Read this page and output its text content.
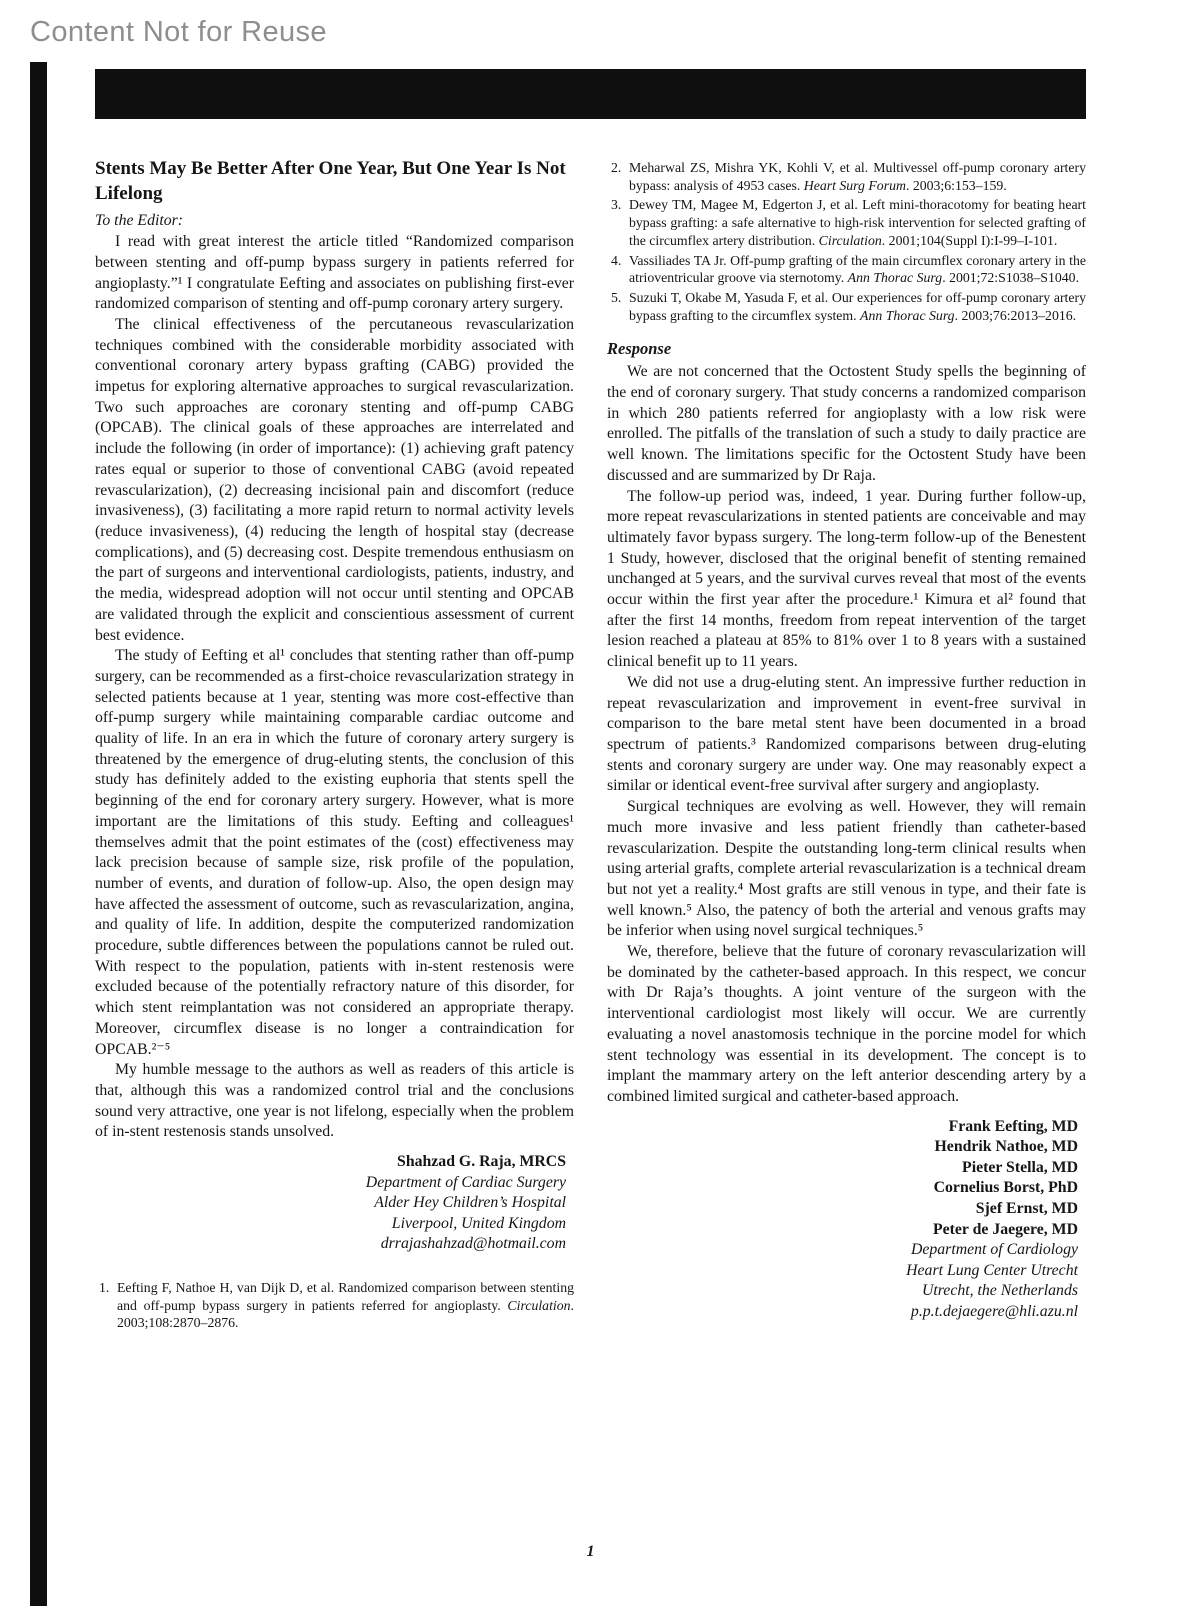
Content Not for Reuse
Stents May Be Better After One Year, But One Year Is Not Lifelong

To the Editor:

I read with great interest the article titled “Randomized comparison between stenting and off-pump bypass surgery in patients referred for angioplasty.”¹ I congratulate Eefting and associates on publishing first-ever randomized comparison of stenting and off-pump coronary artery surgery.

The clinical effectiveness of the percutaneous revascularization techniques combined with the considerable morbidity associated with conventional coronary artery bypass grafting (CABG) provided the impetus for exploring alternative approaches to surgical revascularization. Two such approaches are coronary stenting and off-pump CABG (OPCAB). The clinical goals of these approaches are interrelated and include the following (in order of importance): (1) achieving graft patency rates equal or superior to those of conventional CABG (avoid repeated revascularization), (2) decreasing incisional pain and discomfort (reduce invasiveness), (3) facilitating a more rapid return to normal activity levels (reduce invasiveness), (4) reducing the length of hospital stay (decrease complications), and (5) decreasing cost. Despite tremendous enthusiasm on the part of surgeons and interventional cardiologists, patients, industry, and the media, widespread adoption will not occur until stenting and OPCAB are validated through the explicit and conscientious assessment of current best evidence.

The study of Eefting et al¹ concludes that stenting rather than off-pump surgery, can be recommended as a first-choice revascularization strategy in selected patients because at 1 year, stenting was more cost-effective than off-pump surgery while maintaining comparable cardiac outcome and quality of life. In an era in which the future of coronary artery surgery is threatened by the emergence of drug-eluting stents, the conclusion of this study has definitely added to the existing euphoria that stents spell the beginning of the end for coronary artery surgery. However, what is more important are the limitations of this study. Eefting and colleagues¹ themselves admit that the point estimates of the (cost) effectiveness may lack precision because of sample size, risk profile of the population, number of events, and duration of follow-up. Also, the open design may have affected the assessment of outcome, such as revascularization, angina, and quality of life. In addition, despite the computerized randomization procedure, subtle differences between the populations cannot be ruled out. With respect to the population, patients with in-stent restenosis were excluded because of the potentially refractory nature of this disorder, for which stent reimplantation was not considered an appropriate therapy. Moreover, circumflex disease is no longer a contraindication for OPCAB.²⁻⁵

My humble message to the authors as well as readers of this article is that, although this was a randomized control trial and the conclusions sound very attractive, one year is not lifelong, especially when the problem of in-stent restenosis stands unsolved.

Shahzad G. Raja, MRCS
Department of Cardiac Surgery
Alder Hey Children’s Hospital
Liverpool, United Kingdom
drrajashahzad@hotmail.com
1. Eefting F, Nathoe H, van Dijk D, et al. Randomized comparison between stenting and off-pump bypass surgery in patients referred for angioplasty. Circulation. 2003;108:2870–2876.
2. Meharwal ZS, Mishra YK, Kohli V, et al. Multivessel off-pump coronary artery bypass: analysis of 4953 cases. Heart Surg Forum. 2003;6:153–159.
3. Dewey TM, Magee M, Edgerton J, et al. Left mini-thoracotomy for beating heart bypass grafting: a safe alternative to high-risk intervention for selected grafting of the circumflex artery distribution. Circulation. 2001;104(Suppl I):I-99–I-101.
4. Vassiliades TA Jr. Off-pump grafting of the main circumflex coronary artery in the atrioventricular groove via sternotomy. Ann Thorac Surg. 2001;72:S1038–S1040.
5. Suzuki T, Okabe M, Yasuda F, et al. Our experiences for off-pump coronary artery bypass grafting to the circumflex system. Ann Thorac Surg. 2003;76:2013–2016.
Response

We are not concerned that the Octostent Study spells the beginning of the end of coronary surgery. That study concerns a randomized comparison in which 280 patients referred for angioplasty with a low risk were enrolled. The pitfalls of the translation of such a study to daily practice are well known. The limitations specific for the Octostent Study have been discussed and are summarized by Dr Raja.

The follow-up period was, indeed, 1 year. During further follow-up, more repeat revascularizations in stented patients are conceivable and may ultimately favor bypass surgery. The long-term follow-up of the Benestent 1 Study, however, disclosed that the original benefit of stenting remained unchanged at 5 years, and the survival curves reveal that most of the events occur within the first year after the procedure.¹ Kimura et al² found that after the first 14 months, freedom from repeat intervention of the target lesion reached a plateau at 85% to 81% over 1 to 8 years with a sustained clinical benefit up to 11 years.

We did not use a drug-eluting stent. An impressive further reduction in repeat revascularization and improvement in event-free survival in comparison to the bare metal stent have been documented in a broad spectrum of patients.³ Randomized comparisons between drug-eluting stents and coronary surgery are under way. One may reasonably expect a similar or identical event-free survival after surgery and angioplasty.

Surgical techniques are evolving as well. However, they will remain much more invasive and less patient friendly than catheter-based revascularization. Despite the outstanding long-term clinical results when using arterial grafts, complete arterial revascularization is a technical dream but not yet a reality.⁴ Most grafts are still venous in type, and their fate is well known.⁵ Also, the patency of both the arterial and venous grafts may be inferior when using novel surgical techniques.⁵

We, therefore, believe that the future of coronary revascularization will be dominated by the catheter-based approach. In this respect, we concur with Dr Raja’s thoughts. A joint venture of the surgeon with the interventional cardiologist most likely will occur. We are currently evaluating a novel anastomosis technique in the porcine model for which stent technology was essential in its development. The concept is to implant the mammary artery on the left anterior descending artery by a combined limited surgical and catheter-based approach.

Frank Eefting, MD
Hendrik Nathoe, MD
Pieter Stella, MD
Cornelius Borst, PhD
Sjef Ernst, MD
Peter de Jaegere, MD
Department of Cardiology
Heart Lung Center Utrecht
Utrecht, the Netherlands
p.p.t.dejaegere@hli.azu.nl
1
